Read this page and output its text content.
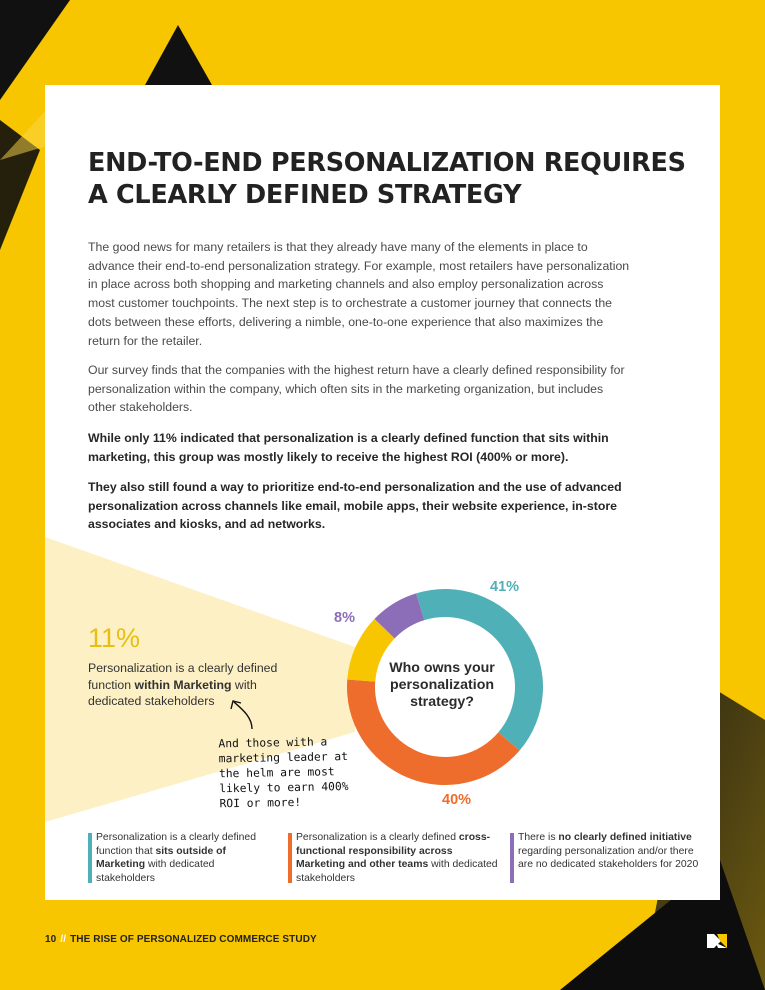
END-TO-END PERSONALIZATION REQUIRES A CLEARLY DEFINED STRATEGY

The good news for many retailers is that they already have many of the elements in place to advance their end-to-end personalization strategy. For example, most retailers have personalization in place across both shopping and marketing channels and also employ personalization across most customer touchpoints. The next step is to orchestrate a customer journey that connects the dots between these efforts, delivering a nimble, one-to-one experience that also maximizes the return for the retailer.

Our survey finds that the companies with the highest return have a clearly defined responsibility for personalization within the company, which often sits in the marketing organization, but includes other stakeholders.

While only 11% indicated that personalization is a clearly defined function that sits within marketing, this group was mostly likely to receive the highest ROI (400% or more).

They also still found a way to prioritize end-to-end personalization and the use of advanced personalization across channels like email, mobile apps, their website experience, in-store associates and kiosks, and ad networks.

11%
Personalization is a clearly defined function within Marketing with dedicated stakeholders
And those with a marketing leader at the helm are most likely to earn 400% ROI or more!
Who owns your
personalization
strategy?
41%
8%
40%
Personalization is a clearly defined function that sits outside of Marketing with dedicated stakeholders
Personalization is a clearly defined cross-functional responsibility across Marketing and other teams with dedicated stakeholders
There is no clearly defined initiative regarding personalization and/or there are no dedicated stakeholders for 2020
10 // THE RISE OF PERSONALIZED COMMERCE STUDY
